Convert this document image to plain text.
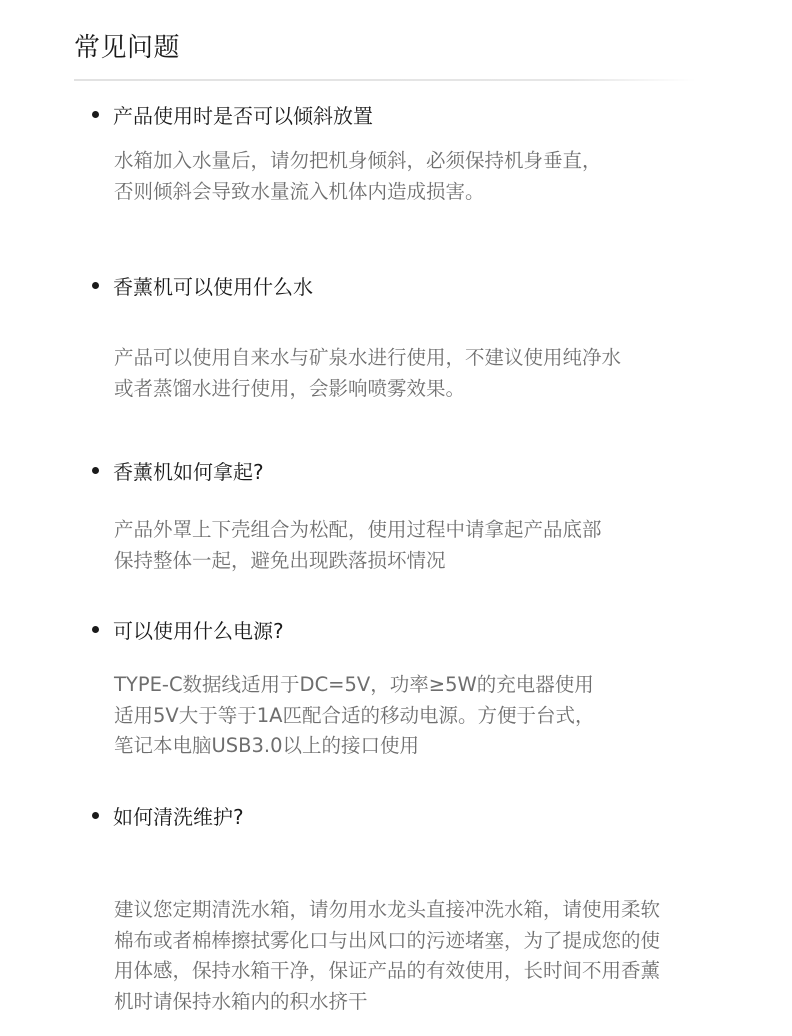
常见问题
产品使用时是否可以倾斜放置
水箱加入水量后，请勿把机身倾斜，必须保持机身垂直，
否则倾斜会导致水量流入机体内造成损害。
香薰机可以使用什么水
产品可以使用自来水与矿泉水进行使用，不建议使用纯净水
或者蒸馏水进行使用，会影响喷雾效果。
香薰机如何拿起?
产品外罩上下壳组合为松配，使用过程中请拿起产品底部
保持整体一起，避免出现跌落损坏情况
可以使用什么电源?
TYPE-C数据线适用于DC=5V，功率≥5W的充电器使用
适用5V大于等于1A匹配合适的移动电源。方便于台式，
笔记本电脑USB3.0以上的接口使用
如何清洗维护?
建议您定期清洗水箱，请勿用水龙头直接冲洗水箱，请使用柔软
棉布或者棉棒擦拭雾化口与出风口的污迹堵塞，为了提成您的使
用体感，保持水箱干净，保证产品的有效使用，长时间不用香薰
机时请保持水箱内的积水挤干
